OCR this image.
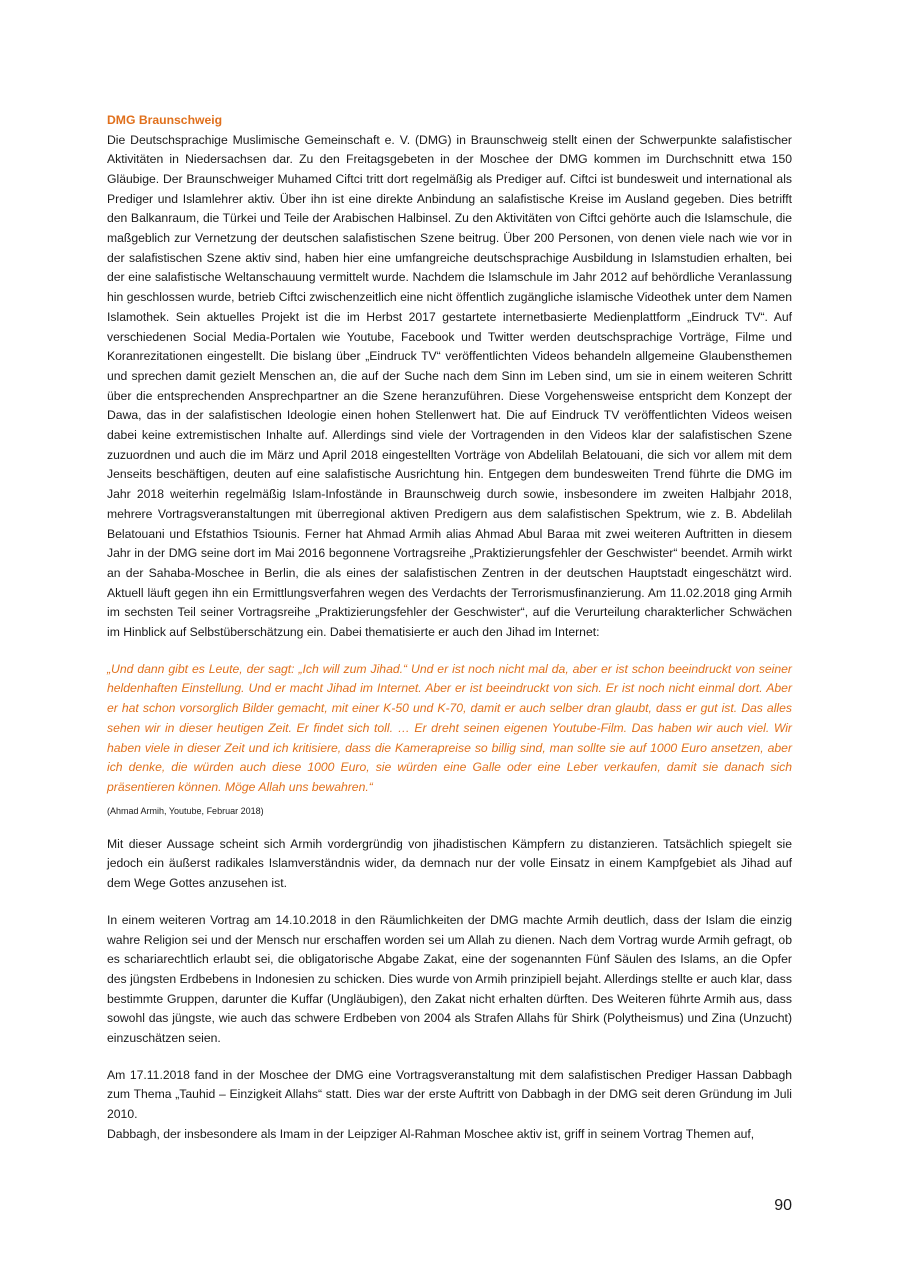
DMG Braunschweig

Die Deutschsprachige Muslimische Gemeinschaft e. V. (DMG) in Braunschweig stellt einen der Schwerpunkte salafistischer Aktivitäten in Niedersachsen dar. Zu den Freitagsgebeten in der Moschee der DMG kommen im Durchschnitt etwa 150 Gläubige. Der Braunschweiger Muhamed Ciftci tritt dort regelmäßig als Prediger auf. Ciftci ist bundesweit und international als Prediger und Islamlehrer aktiv. Über ihn ist eine direkte Anbindung an salafistische Kreise im Ausland gegeben. Dies betrifft den Balkanraum, die Türkei und Teile der Arabischen Halbinsel. Zu den Aktivitäten von Ciftci gehörte auch die Islamschule, die maßgeblich zur Vernetzung der deutschen salafistischen Szene beitrug. Über 200 Personen, von denen viele nach wie vor in der salafistischen Szene aktiv sind, haben hier eine umfangreiche deutschsprachige Ausbildung in Islamstudien erhalten, bei der eine salafistische Weltanschauung vermittelt wurde. Nachdem die Islamschule im Jahr 2012 auf behördliche Veranlassung hin geschlossen wurde, betrieb Ciftci zwischenzeitlich eine nicht öffentlich zugängliche islamische Videothek unter dem Namen Islamothek. Sein aktuelles Projekt ist die im Herbst 2017 gestartete internetbasierte Medienplattform „Eindruck TV“. Auf verschiedenen Social Media-Portalen wie Youtube, Facebook und Twitter werden deutschsprachige Vorträge, Filme und Koranrezitationen eingestellt. Die bislang über „Eindruck TV“ veröffentlichten Videos behandeln allgemeine Glaubensthemen und sprechen damit gezielt Menschen an, die auf der Suche nach dem Sinn im Leben sind, um sie in einem weiteren Schritt über die entsprechenden Ansprechpartner an die Szene heranzuführen. Diese Vorgehensweise entspricht dem Konzept der Dawa, das in der salafistischen Ideologie einen hohen Stellenwert hat. Die auf Eindruck TV veröffentlichten Videos weisen dabei keine extremistischen Inhalte auf. Allerdings sind viele der Vortragenden in den Videos klar der salafistischen Szene zuzuordnen und auch die im März und April 2018 eingestellten Vorträge von Abdelilah Belatouani, die sich vor allem mit dem Jenseits beschäftigen, deuten auf eine salafistische Ausrichtung hin. Entgegen dem bundesweiten Trend führte die DMG im Jahr 2018 weiterhin regelmäßig Islam-Infostände in Braunschweig durch sowie, insbesondere im zweiten Halbjahr 2018, mehrere Vortragsveranstaltungen mit überregional aktiven Predigern aus dem salafistischen Spektrum, wie z. B. Abdelilah Belatouani und Efstathios Tsiounis. Ferner hat Ahmad Armih alias Ahmad Abul Baraa mit zwei weiteren Auftritten in diesem Jahr in der DMG seine dort im Mai 2016 begonnene Vortragsreihe „Praktizierungsfehler der Geschwister“ beendet. Armih wirkt an der Sahaba-Moschee in Berlin, die als eines der salafistischen Zentren in der deutschen Hauptstadt eingeschätzt wird. Aktuell läuft gegen ihn ein Ermittlungsverfahren wegen des Verdachts der Terrorismusfinanzierung. Am 11.02.2018 ging Armih im sechsten Teil seiner Vortragsreihe „Praktizierungsfehler der Geschwister“, auf die Verurteilung charakterlicher Schwächen im Hinblick auf Selbstüberschätzung ein. Dabei thematisierte er auch den Jihad im Internet:

„Und dann gibt es Leute, der sagt: „Ich will zum Jihad.“ Und er ist noch nicht mal da, aber er ist schon beeindruckt von seiner heldenhaften Einstellung. Und er macht Jihad im Internet. Aber er ist beeindruckt von sich. Er ist noch nicht einmal dort. Aber er hat schon vorsorglich Bilder gemacht, mit einer K-50 und K-70, damit er auch selber dran glaubt, dass er gut ist. Das alles sehen wir in dieser heutigen Zeit. Er findet sich toll. … Er dreht seinen eigenen Youtube-Film. Das haben wir auch viel. Wir haben viele in dieser Zeit und ich kritisiere, dass die Kamerapreise so billig sind, man sollte sie auf 1000 Euro ansetzen, aber ich denke, die würden auch diese 1000 Euro, sie würden eine Galle oder eine Leber verkaufen, damit sie danach sich präsentieren können. Möge Allah uns bewahren.“

(Ahmad Armih, Youtube, Februar 2018)

Mit dieser Aussage scheint sich Armih vordergründig von jihadistischen Kämpfern zu distanzieren. Tatsächlich spiegelt sie jedoch ein äußerst radikales Islamverständnis wider, da demnach nur der volle Einsatz in einem Kampfgebiet als Jihad auf dem Wege Gottes anzusehen ist.

In einem weiteren Vortrag am 14.10.2018 in den Räumlichkeiten der DMG machte Armih deutlich, dass der Islam die einzig wahre Religion sei und der Mensch nur erschaffen worden sei um Allah zu dienen. Nach dem Vortrag wurde Armih gefragt, ob es schariarechtlich erlaubt sei, die obligatorische Abgabe Zakat, eine der sogenannten Fünf Säulen des Islams, an die Opfer des jüngsten Erdbebens in Indonesien zu schicken. Dies wurde von Armih prinzipiell bejaht. Allerdings stellte er auch klar, dass bestimmte Gruppen, darunter die Kuffar (Ungläubigen), den Zakat nicht erhalten dürften. Des Weiteren führte Armih aus, dass sowohl das jüngste, wie auch das schwere Erdbeben von 2004 als Strafen Allahs für Shirk (Polytheismus) und Zina (Unzucht) einzuschätzen seien.

Am 17.11.2018 fand in der Moschee der DMG eine Vortragsveranstaltung mit dem salafistischen Prediger Hassan Dabbagh zum Thema „Tauhid – Einzigkeit Allahs“ statt. Dies war der erste Auftritt von Dabbagh in der DMG seit deren Gründung im Juli 2010.

Dabbagh, der insbesondere als Imam in der Leipziger Al-Rahman Moschee aktiv ist, griff in seinem Vortrag Themen auf,

90
